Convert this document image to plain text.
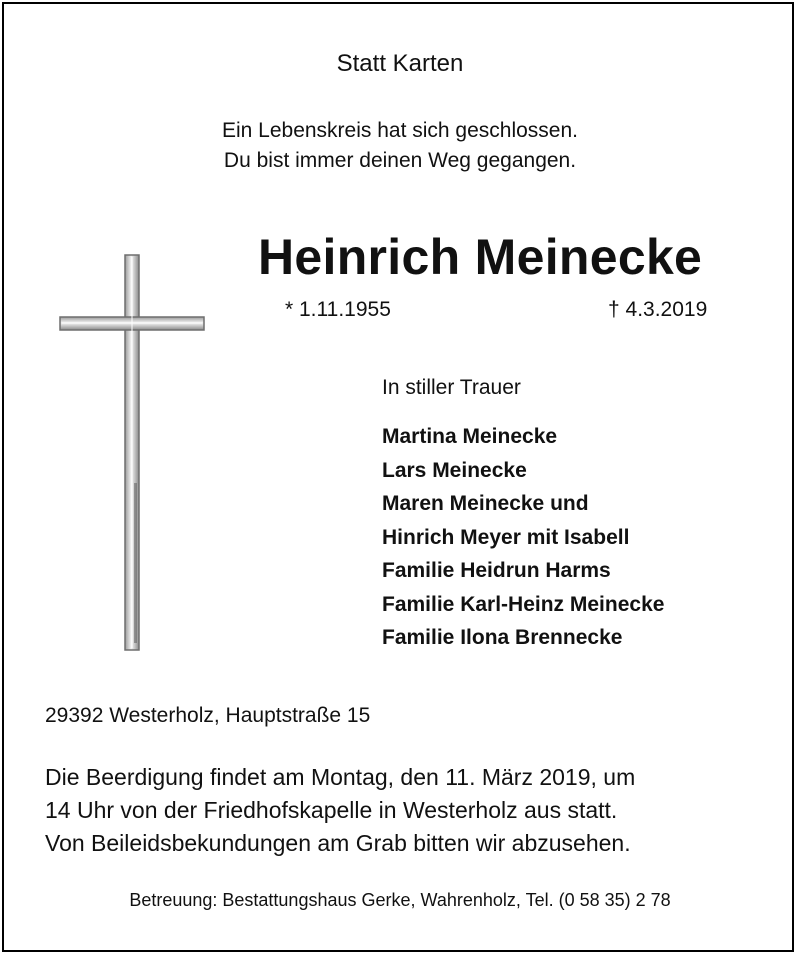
Statt Karten
Ein Lebenskreis hat sich geschlossen.
Du bist immer deinen Weg gegangen.
Heinrich Meinecke
* 1.11.1955	† 4.3.2019
In stiller Trauer
Martina Meinecke
Lars Meinecke
Maren Meinecke und
Hinrich Meyer mit Isabell
Familie Heidrun Harms
Familie Karl-Heinz Meinecke
Familie Ilona Brennecke
29392 Westerholz, Hauptstraße 15
Die Beerdigung findet am Montag, den 11. März 2019, um
14 Uhr von der Friedhofskapelle in Westerholz aus statt.
Von Beileidsbekundungen am Grab bitten wir abzusehen.
Betreuung: Bestattungshaus Gerke, Wahrenholz, Tel. (0 58 35) 2 78
